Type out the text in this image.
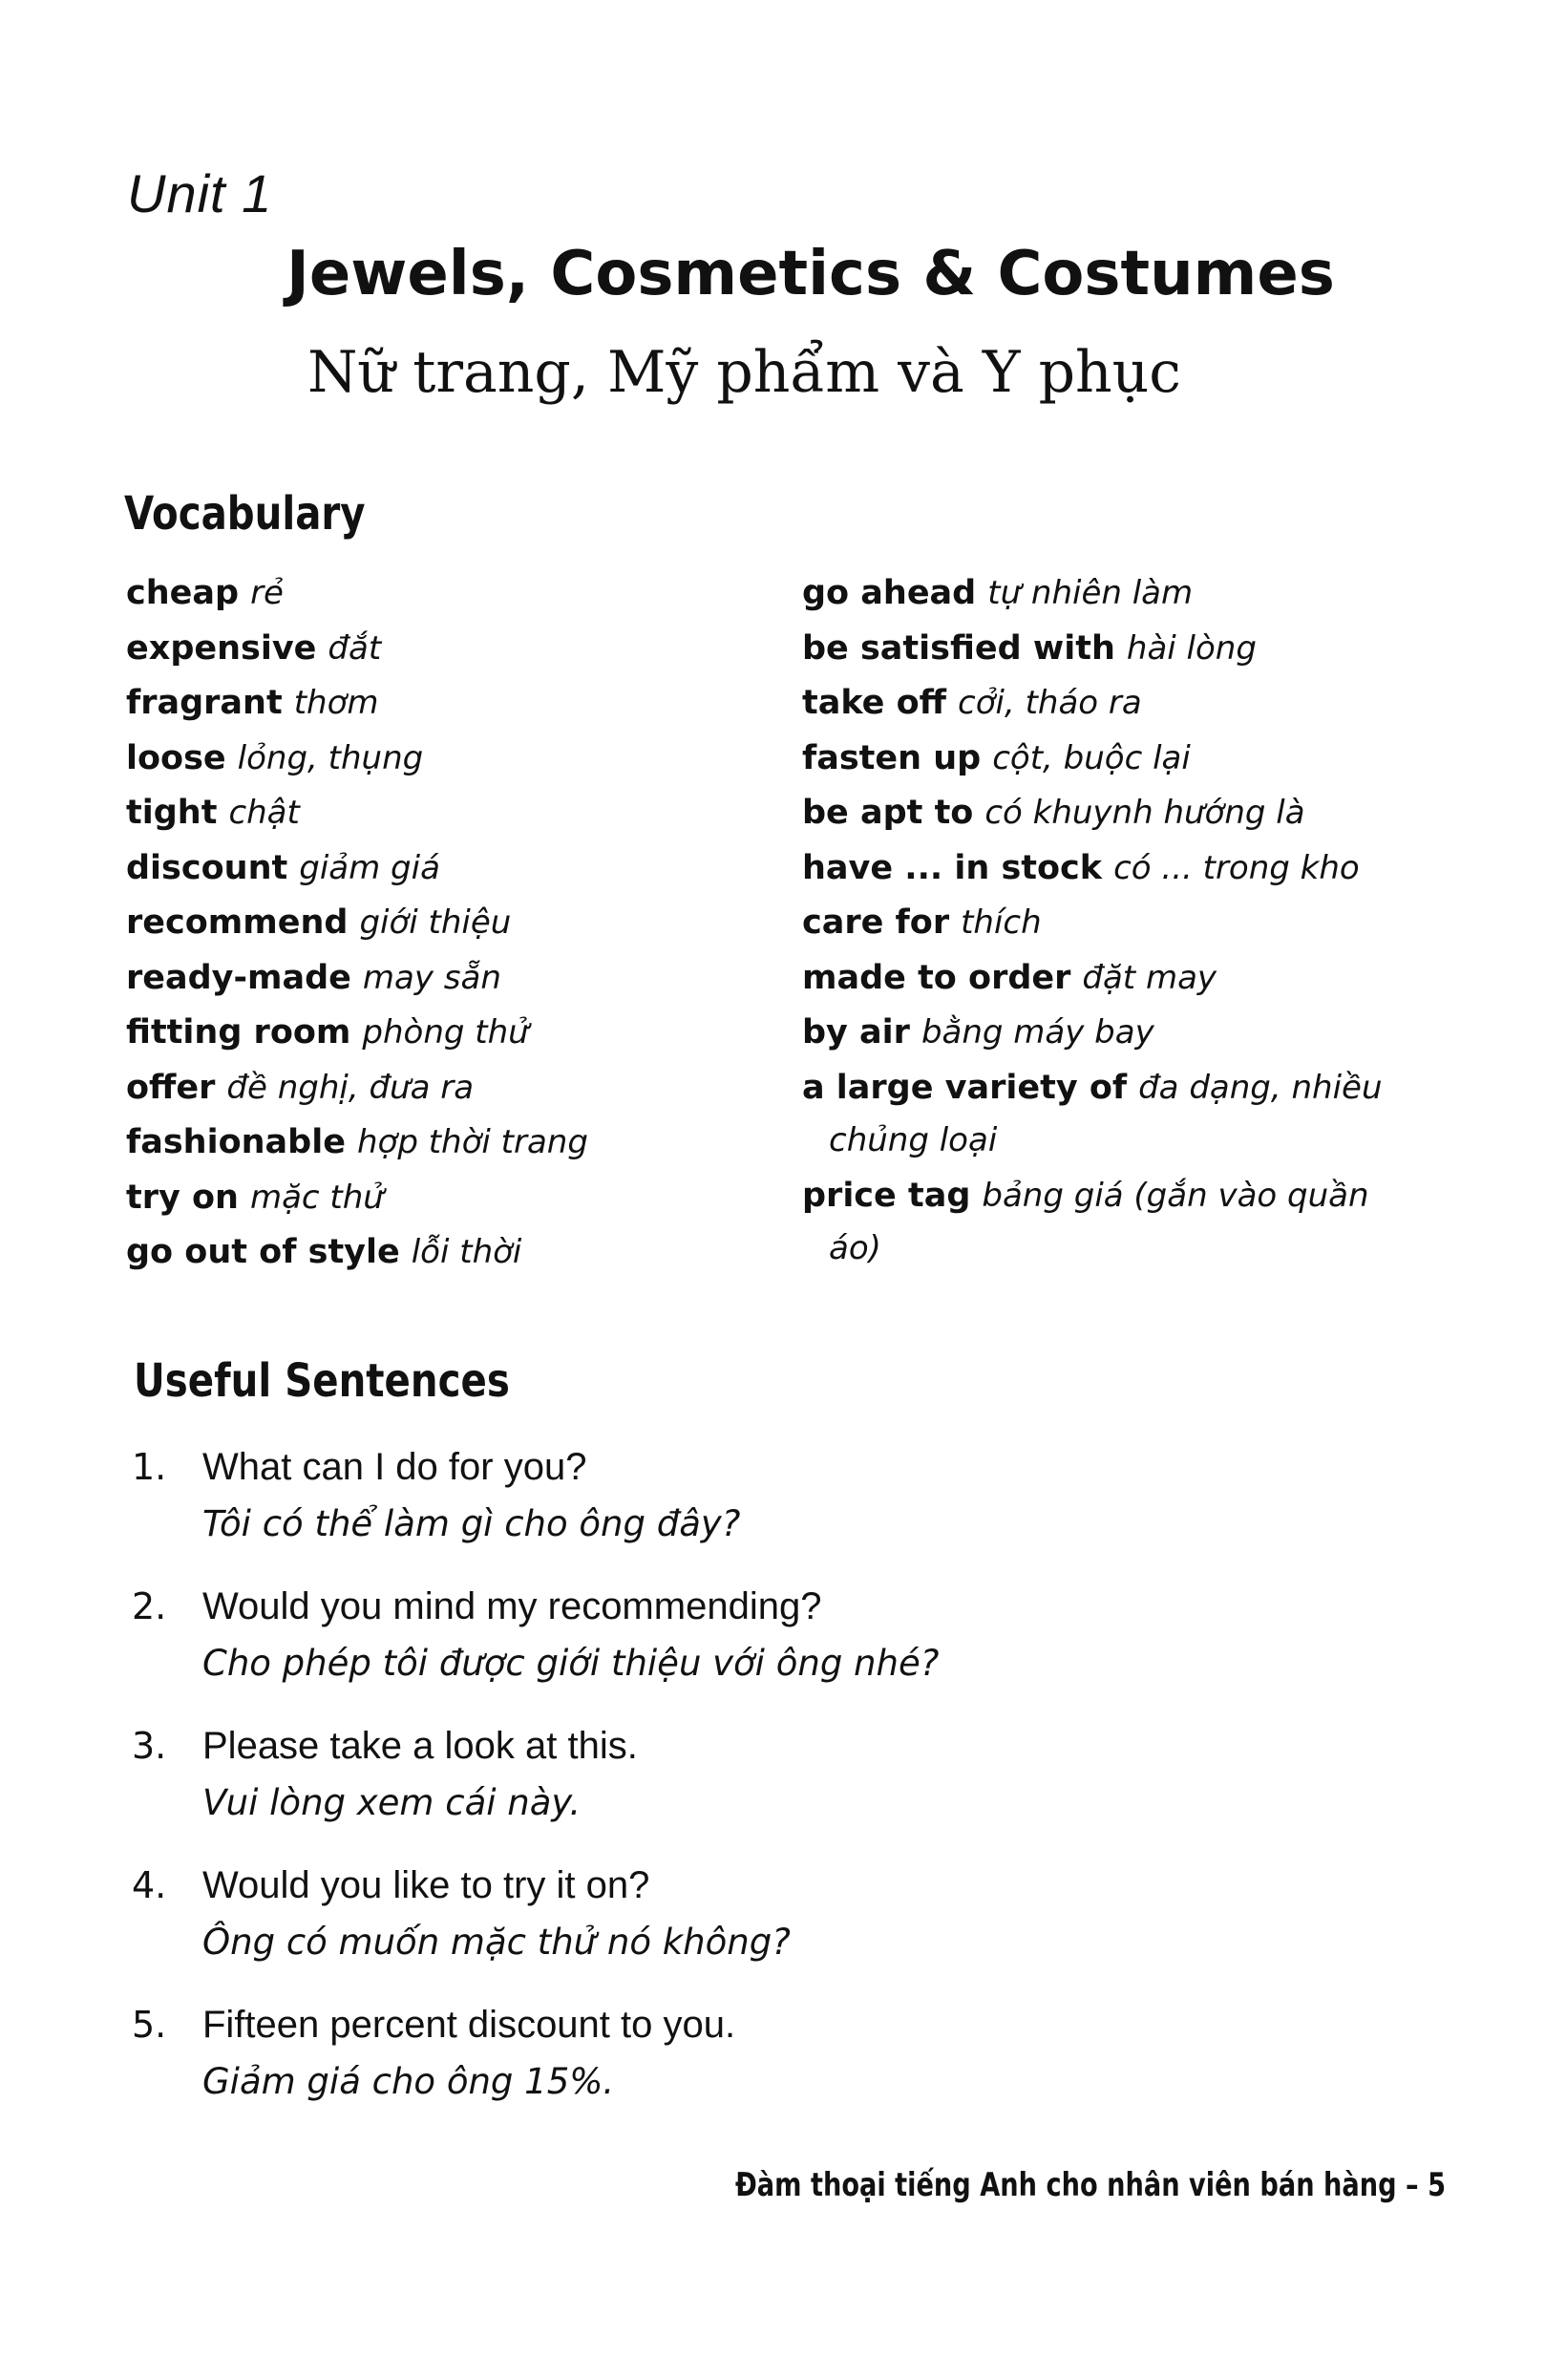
Unit 1
Jewels, Cosmetics & Costumes
Nữ trang, Mỹ phẩm và Y phục
Vocabulary
cheap rẻ
expensive đắt
fragrant thơm
loose lỏng, thụng
tight chật
discount giảm giá
recommend giới thiệu
ready-made may sẵn
fitting room phòng thử
offer đề nghị, đưa ra
fashionable hợp thời trang
try on mặc thử
go out of style lỗi thời
go ahead tự nhiên làm
be satisfied with hài lòng
take off cởi, tháo ra
fasten up cột, buộc lại
be apt to có khuynh hướng là
have ... in stock có ... trong kho
care for thích
made to order đặt may
by air bằng máy bay
a large variety of đa dạng, nhiều
chủng loại
price tag bảng giá (gắn vào quần
áo)
Useful Sentences
1. What can I do for you?
Tôi có thể làm gì cho ông đây?
2. Would you mind my recommending?
Cho phép tôi được giới thiệu với ông nhé?
3. Please take a look at this.
Vui lòng xem cái này.
4. Would you like to try it on?
Ông có muốn mặc thử nó không?
5. Fifteen percent discount to you.
Giảm giá cho ông 15%.
Đàm thoại tiếng Anh cho nhân viên bán hàng – 5
